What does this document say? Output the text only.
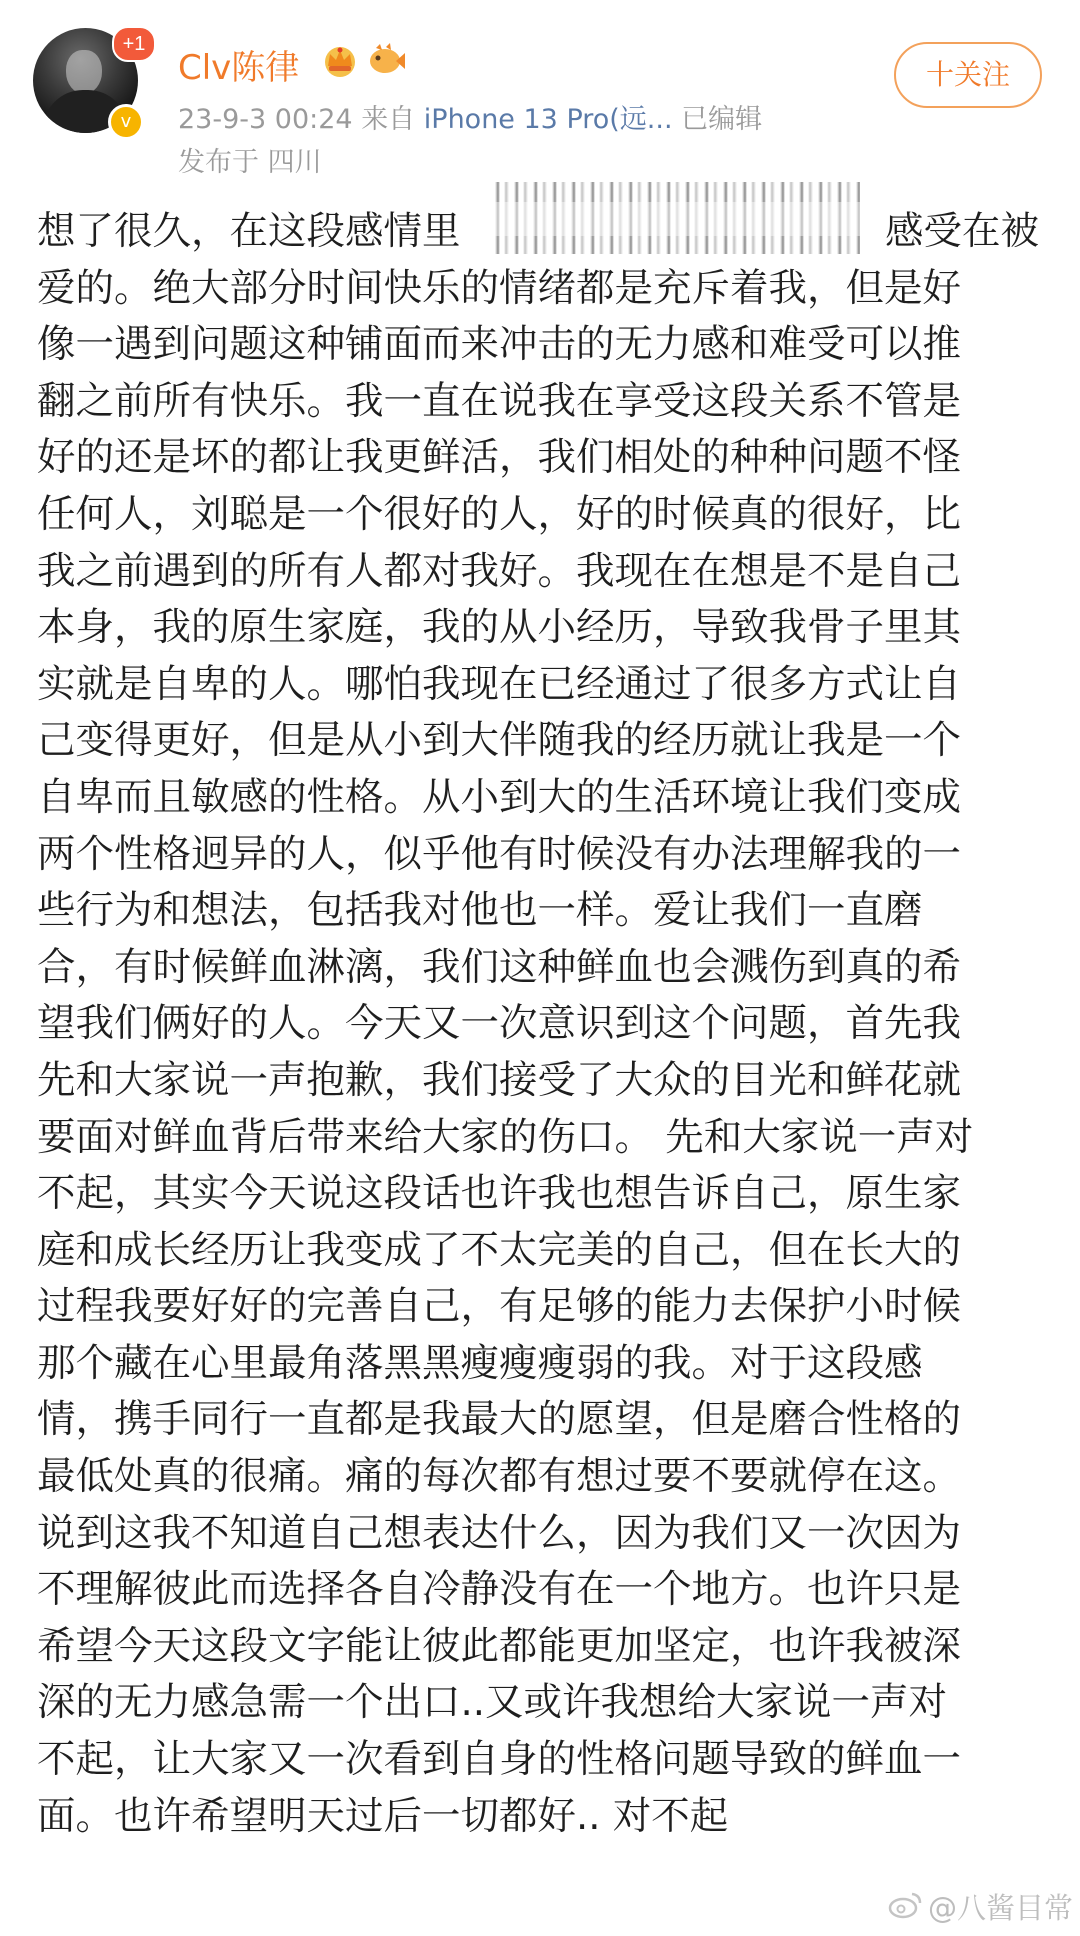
+1
v
Clv陈律
23-9-3 00:24 来自 iPhone 13 Pro(远... 已编辑
发布于 四川
十关注
想了很久，在这段感情里	感受在被
爱的。绝大部分时间快乐的情绪都是充斥着我，但是好
像一遇到问题这种铺面而来冲击的无力感和难受可以推
翻之前所有快乐。我一直在说我在享受这段关系不管是
好的还是坏的都让我更鲜活，我们相处的种种问题不怪
任何人，刘聪是一个很好的人，好的时候真的很好，比
我之前遇到的所有人都对我好。我现在在想是不是自己
本身，我的原生家庭，我的从小经历，导致我骨子里其
实就是自卑的人。哪怕我现在已经通过了很多方式让自
己变得更好，但是从小到大伴随我的经历就让我是一个
自卑而且敏感的性格。从小到大的生活环境让我们变成
两个性格迥异的人，似乎他有时候没有办法理解我的一
些行为和想法，包括我对他也一样。爱让我们一直磨
合，有时候鲜血淋漓，我们这种鲜血也会溅伤到真的希
望我们俩好的人。今天又一次意识到这个问题，首先我
先和大家说一声抱歉，我们接受了大众的目光和鲜花就
要面对鲜血背后带来给大家的伤口。 先和大家说一声对
不起，其实今天说这段话也许我也想告诉自己，原生家
庭和成长经历让我变成了不太完美的自己，但在长大的
过程我要好好的完善自己，有足够的能力去保护小时候
那个藏在心里最角落黑黑瘦瘦瘦弱的我。对于这段感
情，携手同行一直都是我最大的愿望，但是磨合性格的
最低处真的很痛。痛的每次都有想过要不要就停在这。
说到这我不知道自己想表达什么，因为我们又一次因为
不理解彼此而选择各自冷静没有在一个地方。也许只是
希望今天这段文字能让彼此都能更加坚定，也许我被深
深的无力感急需一个出口..又或许我想给大家说一声对
不起，让大家又一次看到自身的性格问题导致的鲜血一
面。也许希望明天过后一切都好.. 对不起
@八酱目常
